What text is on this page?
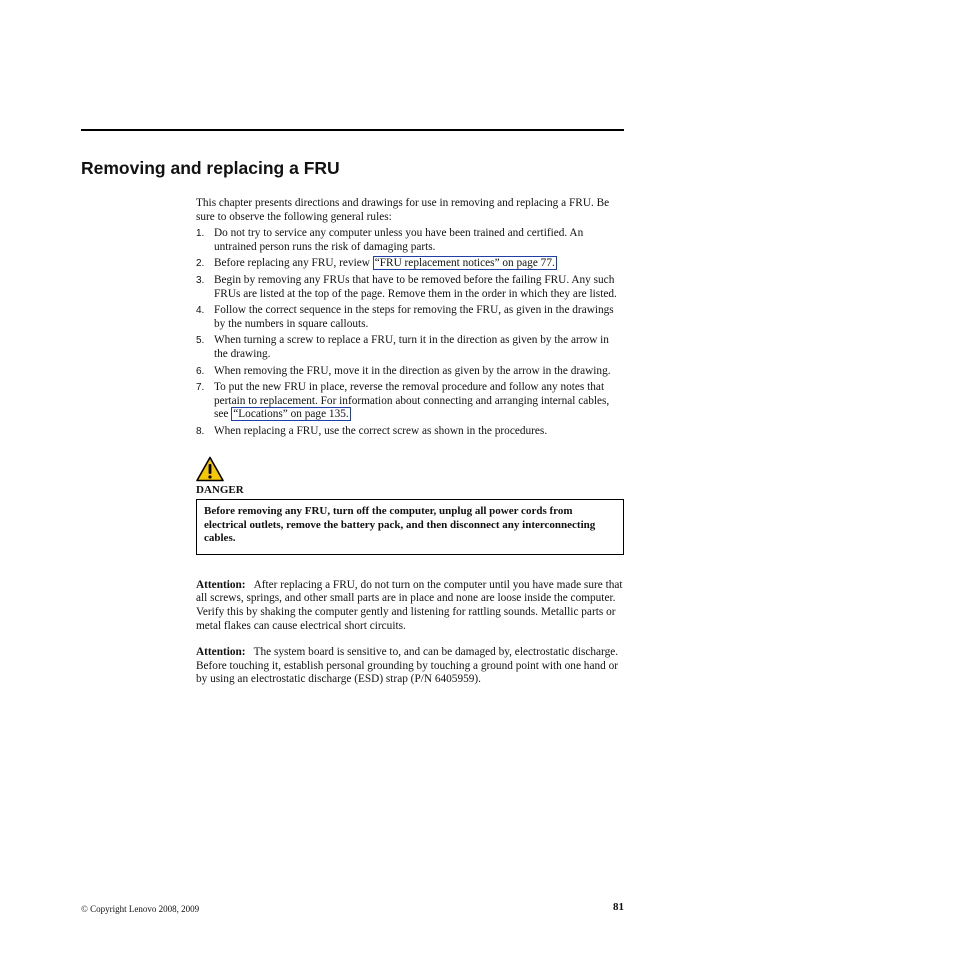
Removing and replacing a FRU

This chapter presents directions and drawings for use in removing and replacing a FRU. Be sure to observe the following general rules:

1. Do not try to service any computer unless you have been trained and certified. An untrained person runs the risk of damaging parts.
2. Before replacing any FRU, review “FRU replacement notices” on page 77.
3. Begin by removing any FRUs that have to be removed before the failing FRU. Any such FRUs are listed at the top of the page. Remove them in the order in which they are listed.
4. Follow the correct sequence in the steps for removing the FRU, as given in the drawings by the numbers in square callouts.
5. When turning a screw to replace a FRU, turn it in the direction as given by the arrow in the drawing.
6. When removing the FRU, move it in the direction as given by the arrow in the drawing.
7. To put the new FRU in place, reverse the removal procedure and follow any notes that pertain to replacement. For information about connecting and arranging internal cables, see “Locations” on page 135.
8. When replacing a FRU, use the correct screw as shown in the procedures.
DANGER
Before removing any FRU, turn off the computer, unplug all power cords from electrical outlets, remove the battery pack, and then disconnect any interconnecting cables.

Attention: After replacing a FRU, do not turn on the computer until you have made sure that all screws, springs, and other small parts are in place and none are loose inside the computer. Verify this by shaking the computer gently and listening for rattling sounds. Metallic parts or metal flakes can cause electrical short circuits.

Attention: The system board is sensitive to, and can be damaged by, electrostatic discharge. Before touching it, establish personal grounding by touching a ground point with one hand or by using an electrostatic discharge (ESD) strap (P/N 6405959).

© Copyright Lenovo 2008, 2009	81
